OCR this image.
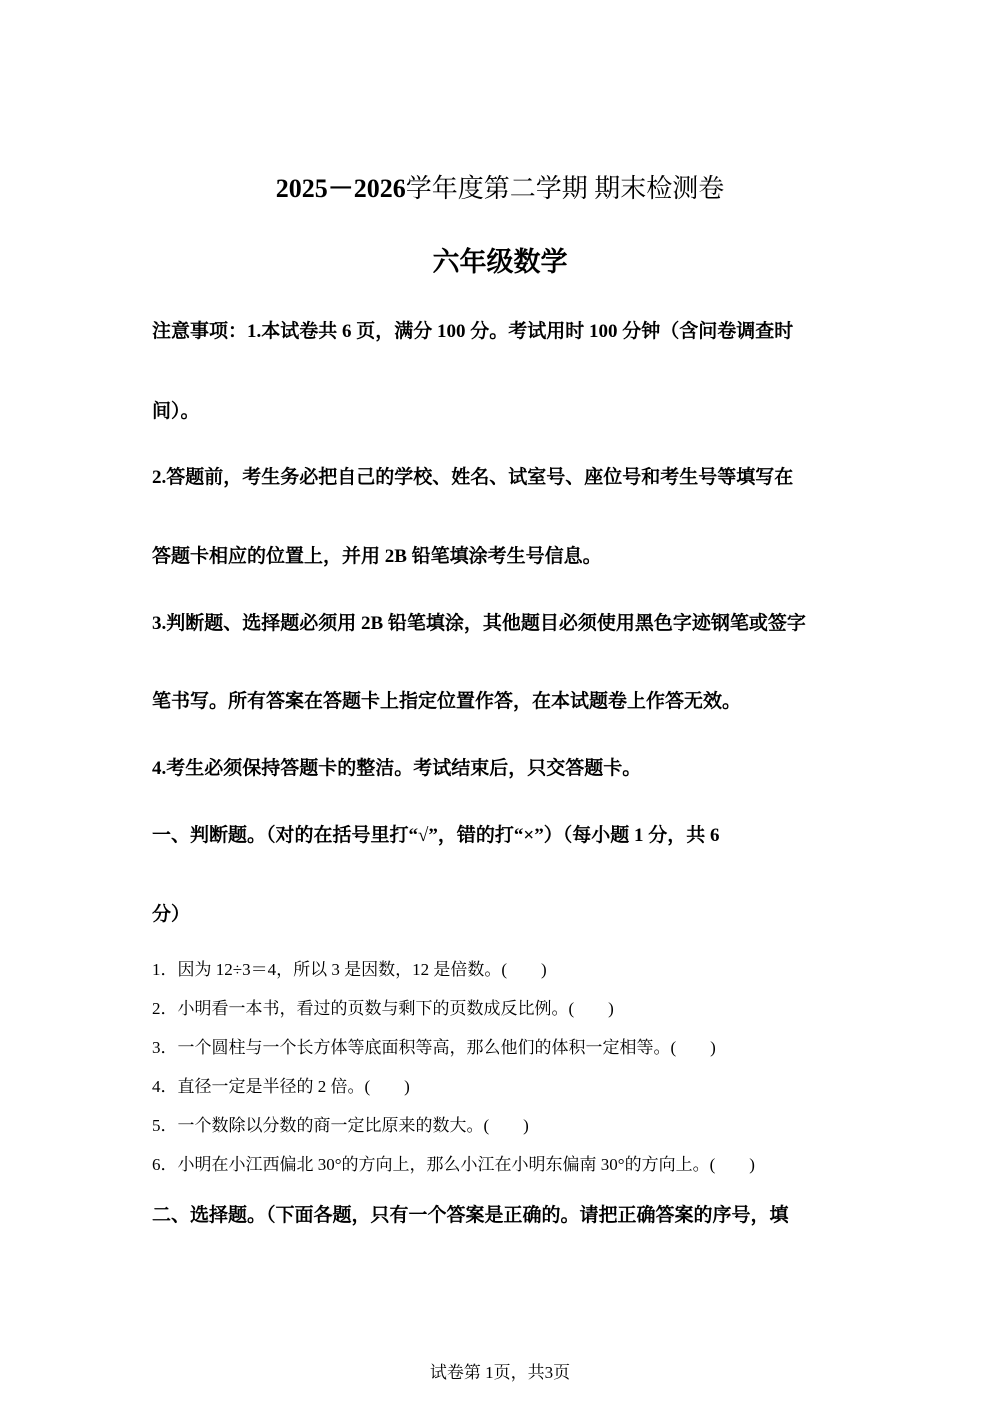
2025－2026学年度第二学期 期末检测卷
六年级数学
注意事项：1.本试卷共 6 页，满分 100 分。考试用时 100 分钟（含问卷调查时
间）。
2.答题前，考生务必把自己的学校、姓名、试室号、座位号和考生号等填写在
答题卡相应的位置上，并用 2B 铅笔填涂考生号信息。
3.判断题、选择题必须用 2B 铅笔填涂，其他题目必须使用黑色字迹钢笔或签字
笔书写。所有答案在答题卡上指定位置作答，在本试题卷上作答无效。
4.考生必须保持答题卡的整洁。考试结束后，只交答题卡。
一、判断题。（对的在括号里打“√”，错的打“×”）（每小题 1 分，共 6
分）
1．因为 12÷3＝4，所以 3 是因数，12 是倍数。(　　)
2．小明看一本书，看过的页数与剩下的页数成反比例。(　　)
3．一个圆柱与一个长方体等底面积等高，那么他们的体积一定相等。(　　)
4．直径一定是半径的 2 倍。(　　)
5．一个数除以分数的商一定比原来的数大。(　　)
6．小明在小江西偏北 30°的方向上，那么小江在小明东偏南 30°的方向上。(　　)
二、选择题。（下面各题，只有一个答案是正确的。请把正确答案的序号，填
试卷第 1页，共3页
